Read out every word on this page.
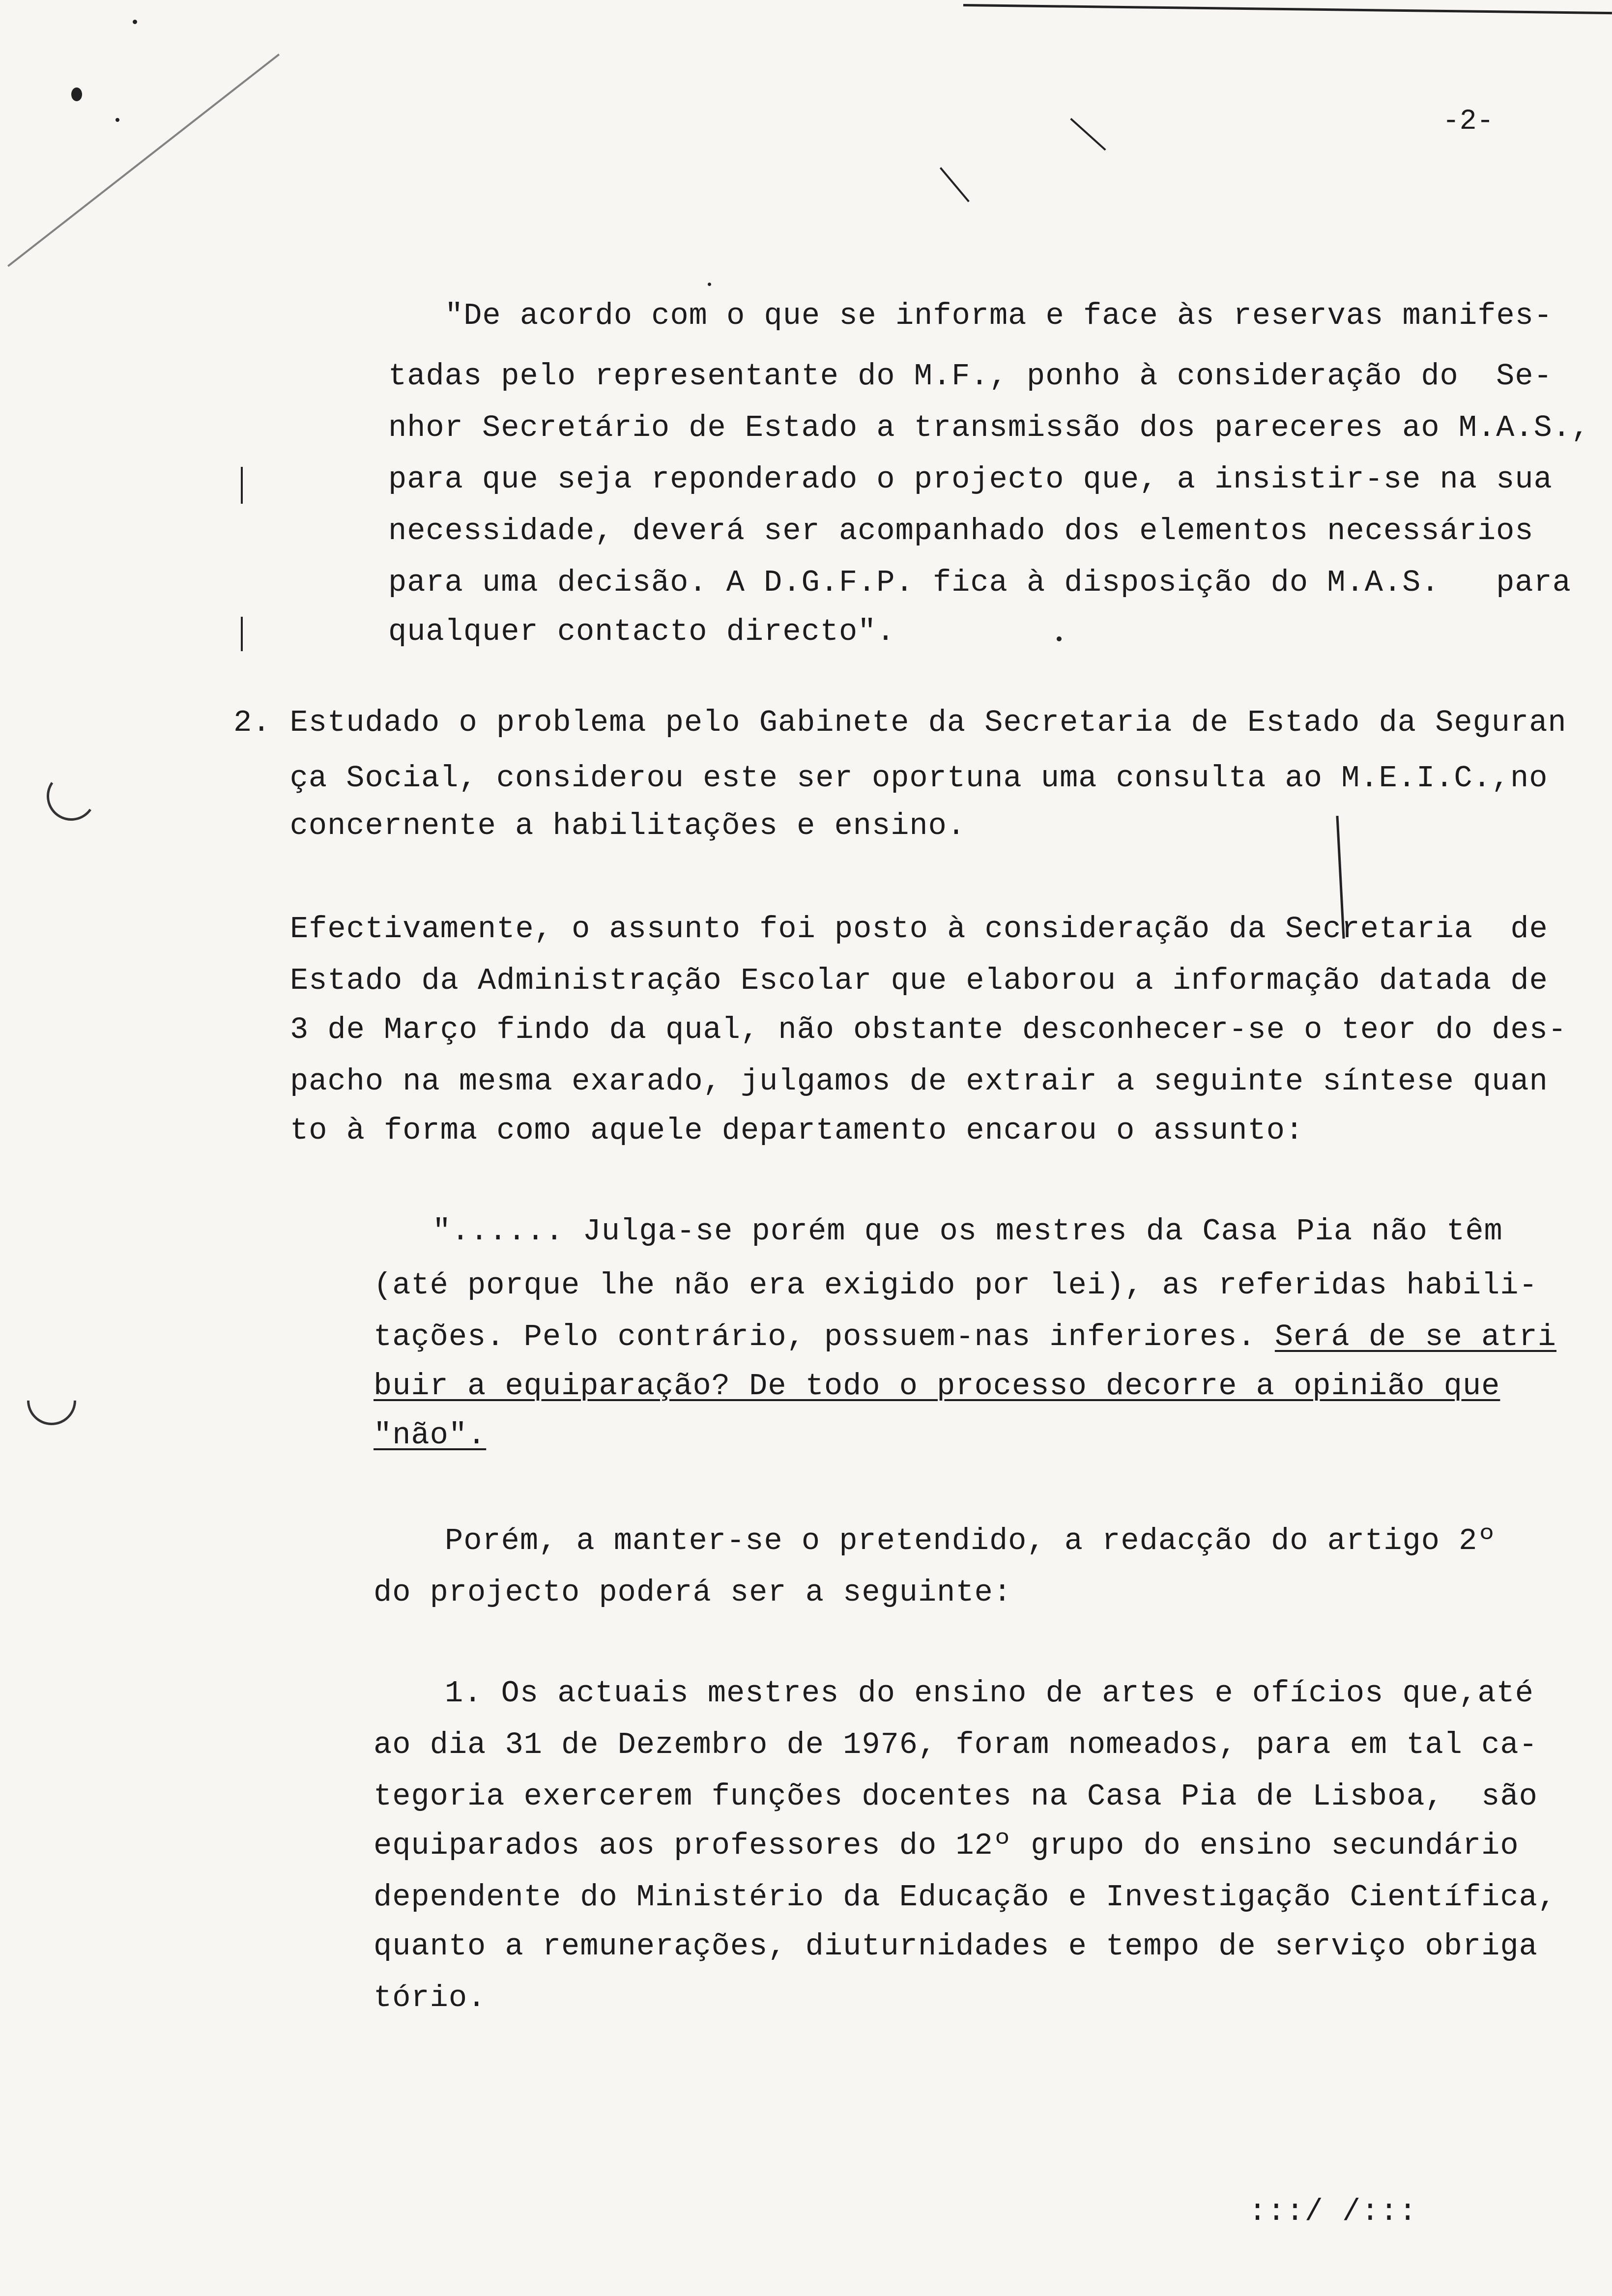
-2-
"De acordo com o que se informa e face às reservas manifes-
tadas pelo representante do M.F., ponho à consideração do  Se-
nhor Secretário de Estado a transmissão dos pareceres ao M.A.S.,
para que seja reponderado o projecto que, a insistir-se na sua
necessidade, deverá ser acompanhado dos elementos necessários
para uma decisão. A D.G.F.P. fica à disposição do M.A.S.   para
qualquer contacto directo".
2. Estudado o problema pelo Gabinete da Secretaria de Estado da Seguran
ça Social, considerou este ser oportuna uma consulta ao M.E.I.C.,no
concernente a habilitações e ensino.
Efectivamente, o assunto foi posto à consideração da Secretaria  de
Estado da Administração Escolar que elaborou a informação datada de
3 de Março findo da qual, não obstante desconhecer-se o teor do des-
pacho na mesma exarado, julgamos de extrair a seguinte síntese quan
to à forma como aquele departamento encarou o assunto:
"...... Julga-se porém que os mestres da Casa Pia não têm
(até porque lhe não era exigido por lei), as referidas habili-
tações. Pelo contrário, possuem-nas inferiores. Será de se atri
buir a equiparação? De todo o processo decorre a opinião que
"não".
Porém, a manter-se o pretendido, a redacção do artigo 2º
do projecto poderá ser a seguinte:
1. Os actuais mestres do ensino de artes e ofícios que,até
ao dia 31 de Dezembro de 1976, foram nomeados, para em tal ca-
tegoria exercerem funções docentes na Casa Pia de Lisboa,  são
equiparados aos professores do 12º grupo do ensino secundário
dependente do Ministério da Educação e Investigação Científica,
quanto a remunerações, diuturnidades e tempo de serviço obriga
tório.
:::/ /:::
